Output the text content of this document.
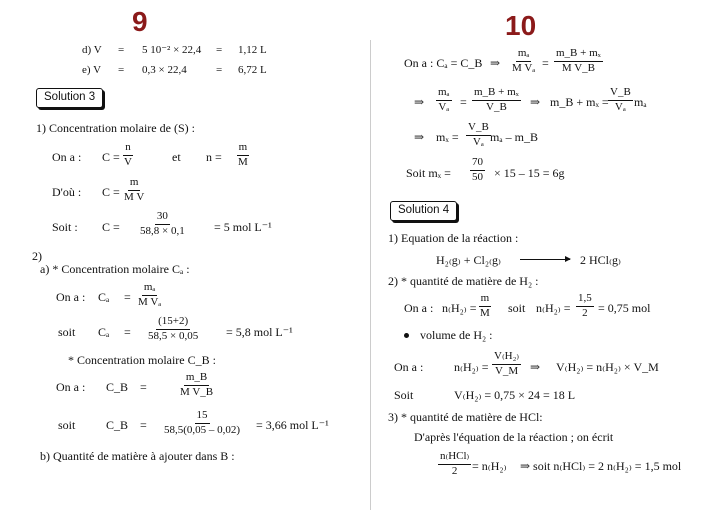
9	10
d) V = 5 10⁻² × 22,4 = 1,12 L
e) V = 0,3 × 22,4	= 6,72 L
Solution 3
1) Concentration molaire de (S) :
On a : $C = \frac{n}{V}$	et $n = \frac{m}{M}$
D'où : $C = \frac{m}{\text{M V}}$
Soit : $C = \frac{30}{58,8 \times 0,1} = 5$ mol L⁻¹
2)
a) * Concentration molaire Cₐ :
On a : $C_a = \frac{\text{mₐ}}{\text{M Vₐ}}$
soit $C_a = \frac{(15+2)}{58,5 \times 0,05} = 5,8$ mol L⁻¹
* Concentration molaire C_B :
On a : C_B =	$\frac{m\_B}{\text{M V\_B}}$
soit	C_B = $\frac{15}{58,5(0,05 - 0,02)} = 3,66$ mol L⁻¹
b) Quantité de matière à ajouter dans B :
On a : Cₐ = C_B ⇒ $\frac{\text{mₐ}}{\text{M Vₐ}} = \frac{\text{m\_B + mₓ}}{\text{M V\_B}}$
⇒ $\frac{\text{mₐ}}{\text{Vₐ}} = \frac{\text{m\_B + mₓ}}{V\_B}$ ⇒ m_B + $m_x = \frac{V\_B}{\text{Vₐ}}$ mₐ
⇒ $m_x = \frac{V\_B}{\text{Vₐ}}$ mₐ – m_B
Soit $m_x = \frac{70}{50} \times 15 - 15 = 6g$
Solution 4
1) Equation de la réaction :
H₂₍g₎ + Cl₂₍g₎	2 HCl₍g₎
2) * quantité de matière de H₂ :
On a : $n_(H_{2)} = \frac{m}{M}$ soit $n_(H_{2)} = \frac{1,5}{2} = 0,75$ mol
volume de H₂ :
On a :	$n_(H_{2)} = \frac{\text{V₍H₂₎}}{V\_M}$ ⇒ V₍H₂₎ = n₍H₂₎ × V_M
Soit	V₍H₂₎ = 0,75 × 24 = 18 L
3) * quantité de matière de HCl:
D'après l'équation de la réaction ; on écrit
n₍HCl₎
2 = n₍H₂₎ ⇒ soit n₍HCl₎ = 2 n₍H₂₎ = 1,5 mol
